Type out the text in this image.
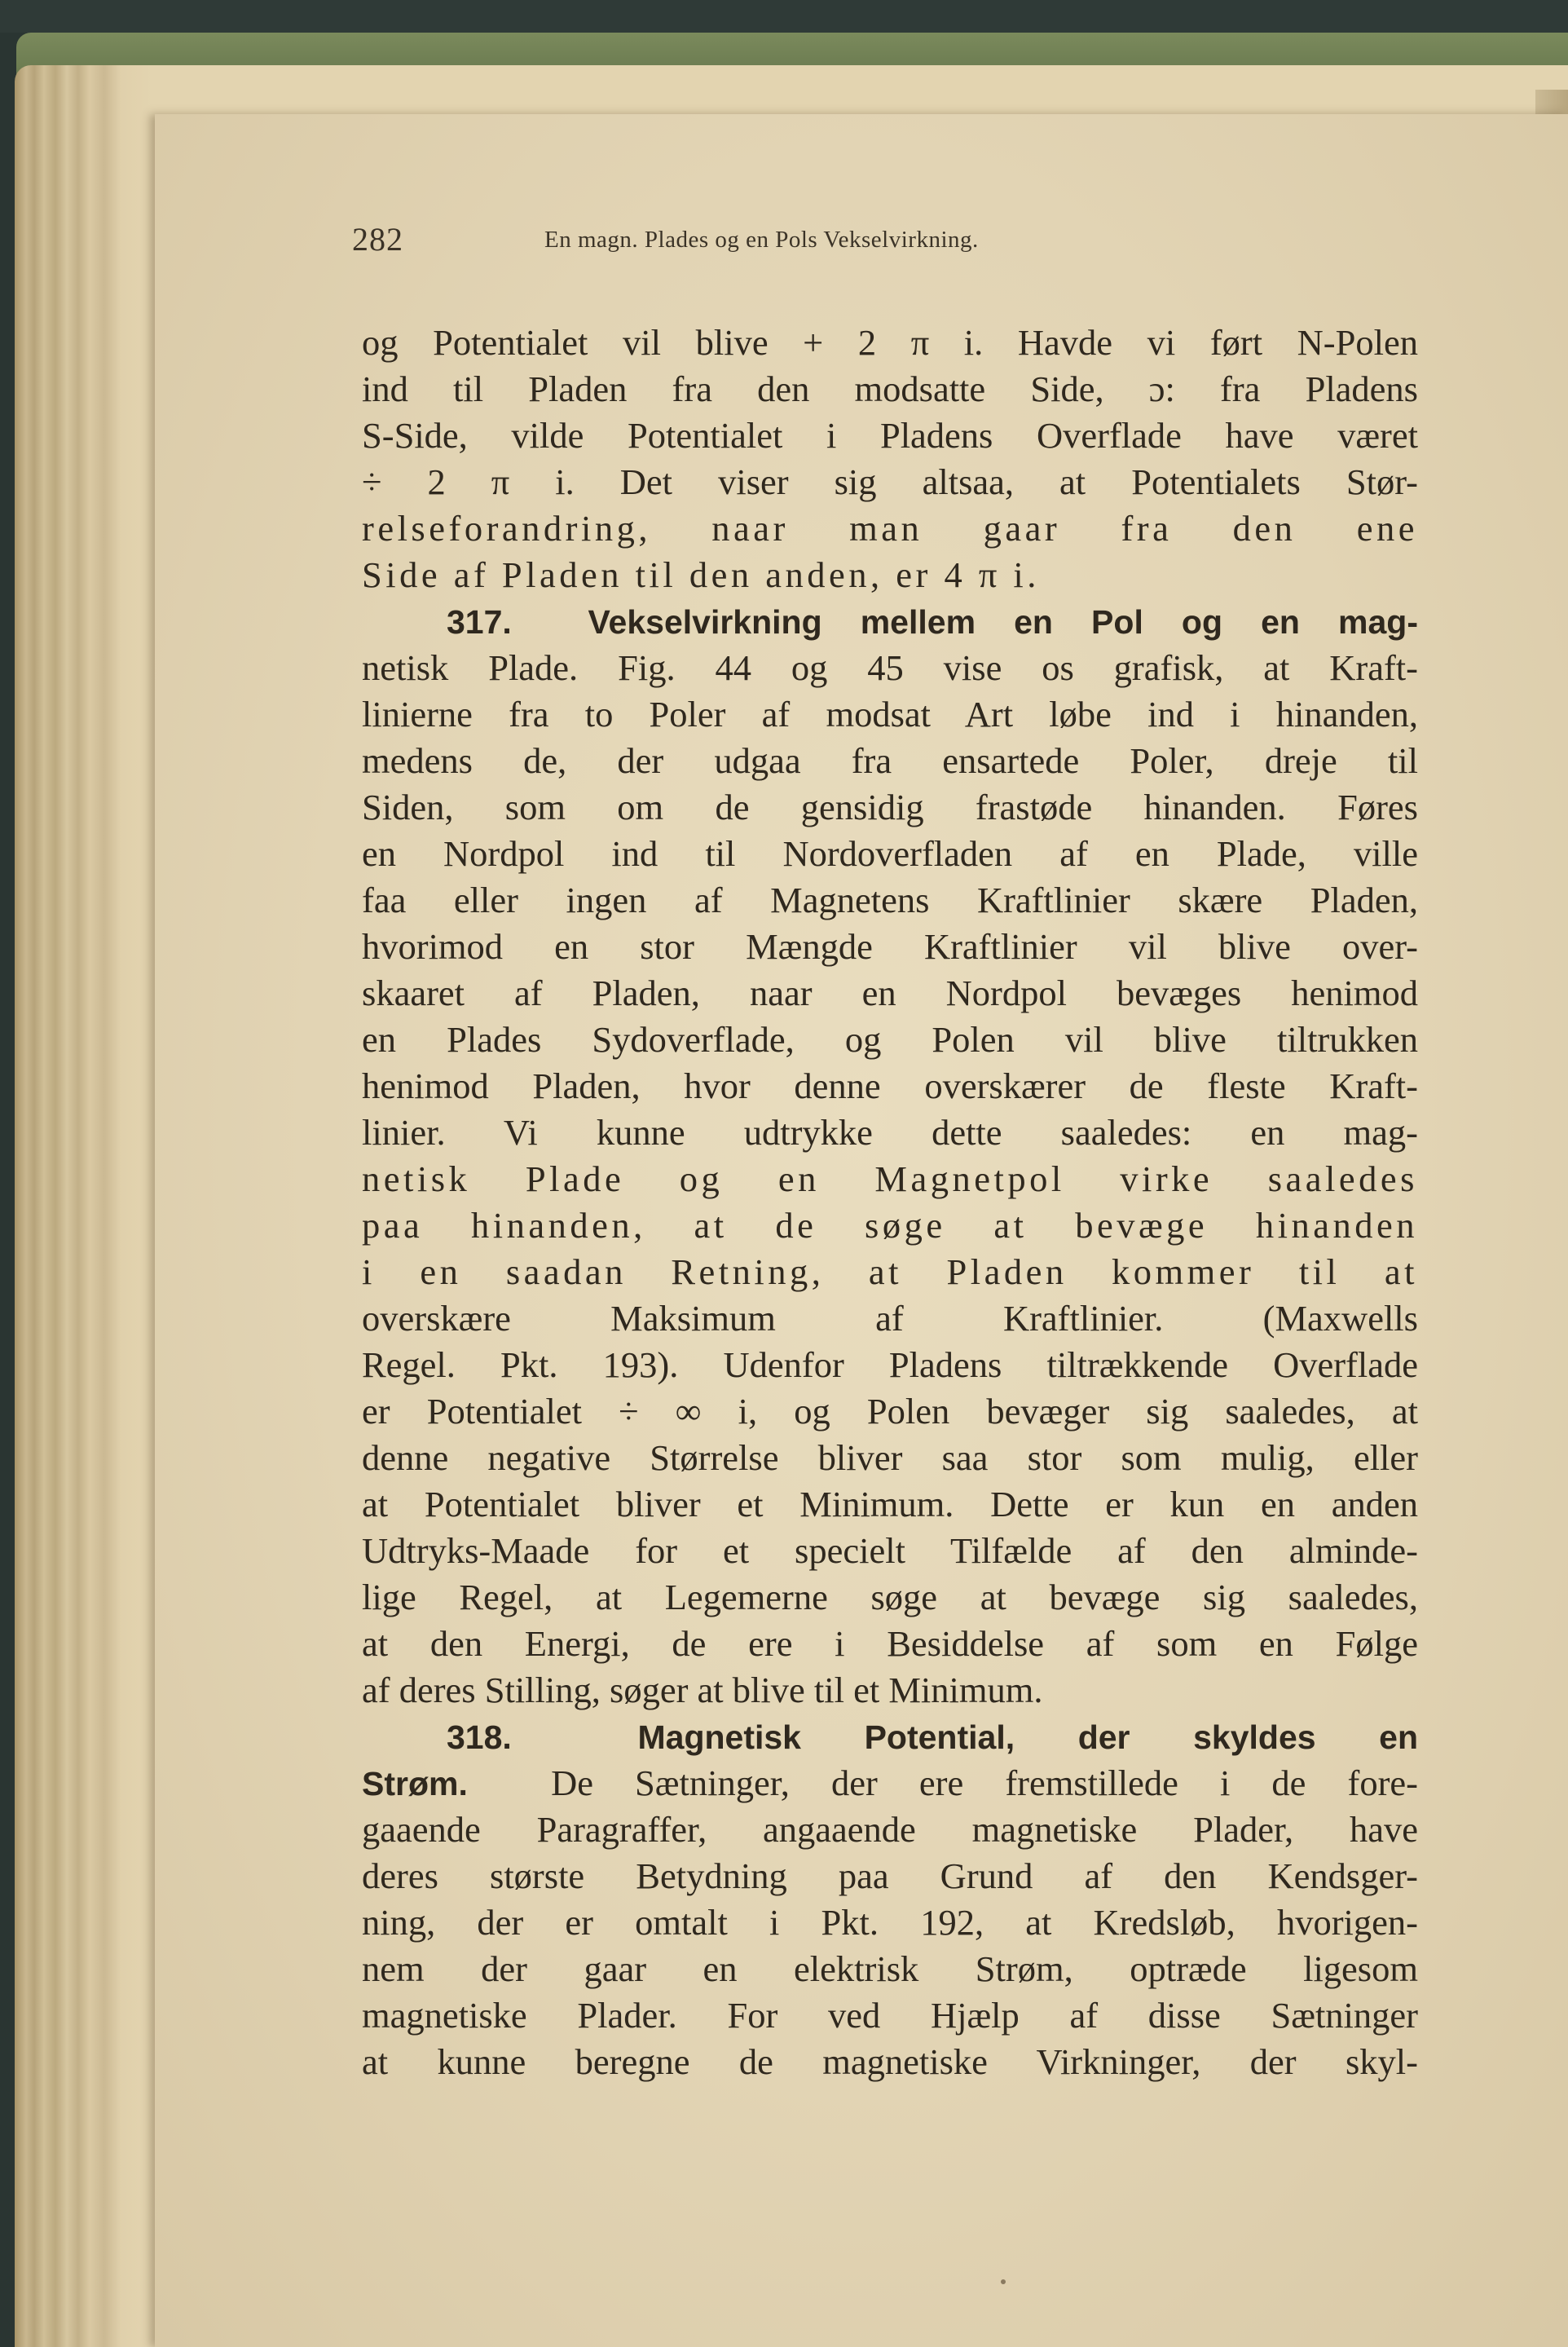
282	En magn. Plades og en Pols Vekselvirkning.
og Potentialet vil blive + 2 π i. Havde vi ført N-Polen
ind til Pladen fra den modsatte Side, ɔ: fra Pladens
S-Side, vilde Potentialet i Pladens Overflade have været
÷ 2 π i. Det viser sig altsaa, at Potentialets Stør-
relseforandring, naar man gaar fra den ene
Side af Pladen til den anden, er 4 π i.
317. Vekselvirkning mellem en Pol og en mag-
netisk Plade. Fig. 44 og 45 vise os grafisk, at Kraft-
linierne fra to Poler af modsat Art løbe ind i hinanden,
medens de, der udgaa fra ensartede Poler, dreje til
Siden, som om de gensidig frastøde hinanden. Føres
en Nordpol ind til Nordoverfladen af en Plade, ville
faa eller ingen af Magnetens Kraftlinier skære Pladen,
hvorimod en stor Mængde Kraftlinier vil blive over-
skaaret af Pladen, naar en Nordpol bevæges henimod
en Plades Sydoverflade, og Polen vil blive tiltrukken
henimod Pladen, hvor denne overskærer de fleste Kraft-
linier. Vi kunne udtrykke dette saaledes: en mag-
netisk Plade og en Magnetpol virke saaledes
paa hinanden, at de søge at bevæge hinanden
i en saadan Retning, at Pladen kommer til at
overskære Maksimum af Kraftlinier. (Maxwells
Regel. Pkt. 193). Udenfor Pladens tiltrækkende Overflade
er Potentialet ÷ ∞ i, og Polen bevæger sig saaledes, at
denne negative Størrelse bliver saa stor som mulig, eller
at Potentialet bliver et Minimum. Dette er kun en anden
Udtryks-Maade for et specielt Tilfælde af den alminde-
lige Regel, at Legemerne søge at bevæge sig saaledes,
at den Energi, de ere i Besiddelse af som en Følge
af deres Stilling, søger at blive til et Minimum.
318.	Magnetisk Potential, der skyldes en
Strøm.  De Sætninger, der ere fremstillede i de fore-
gaaende Paragraffer, angaaende magnetiske Plader, have
deres største Betydning paa Grund af den Kendsger-
ning, der er omtalt i Pkt. 192, at Kredsløb, hvorigen-
nem der gaar en elektrisk Strøm, optræde ligesom
magnetiske Plader. For ved Hjælp af disse Sætninger
at kunne beregne de magnetiske Virkninger, der skyl-
